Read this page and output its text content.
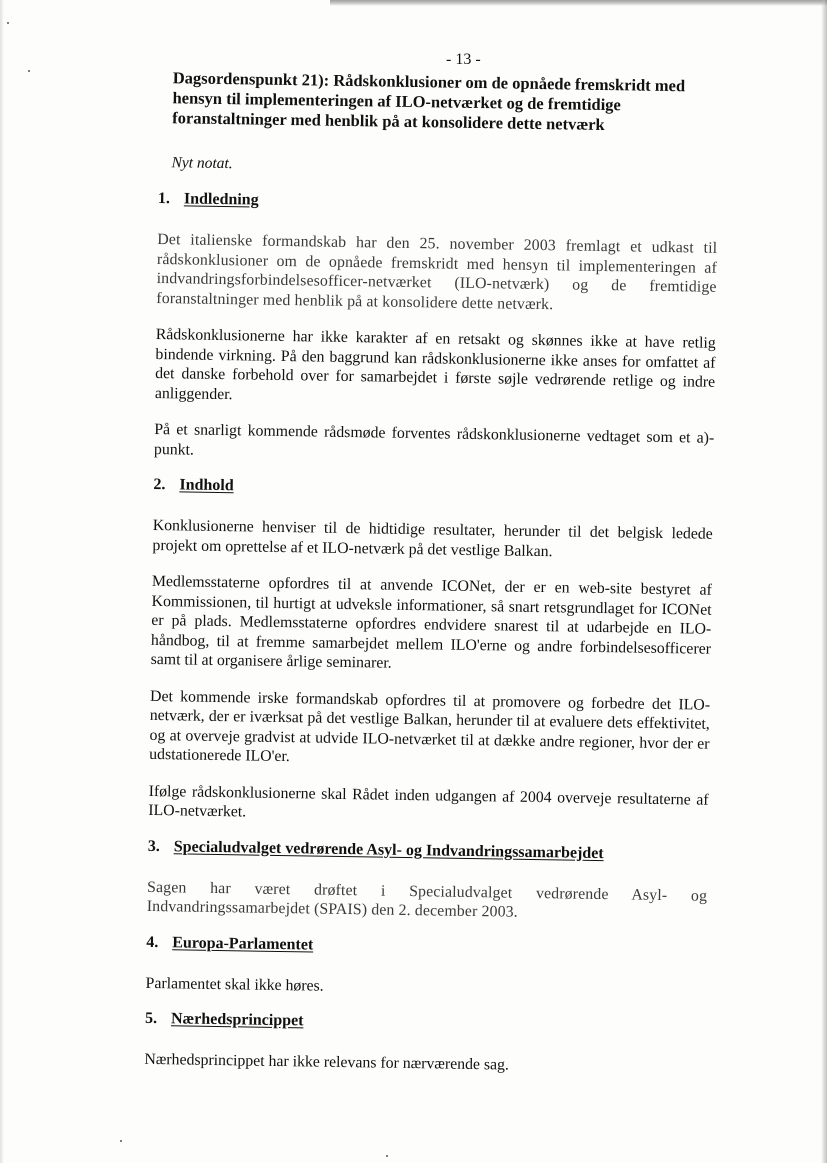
- 13 -
Dagsordenspunkt 21): Rådskonklusioner om de opnåede fremskridt med hensyn til implementeringen af ILO-netværket og de fremtidige foranstaltninger med henblik på at konsolidere dette netværk
Nyt notat.
1. Indledning

Det italienske formandskab har den 25. november 2003 fremlagt et udkast til rådskonklusioner om de opnåede fremskridt med hensyn til implementeringen af indvandringsforbindelsesofficer-netværket (ILO-netværk) og de fremtidige foranstaltninger med henblik på at konsolidere dette netværk.

Rådskonklusionerne har ikke karakter af en retsakt og skønnes ikke at have retlig bindende virkning. På den baggrund kan rådskonklusionerne ikke anses for omfattet af det danske forbehold over for samarbejdet i første søjle vedrørende retlige og indre anliggender.

På et snarligt kommende rådsmøde forventes rådskonklusionerne vedtaget som et a)-punkt.

2. Indhold

Konklusionerne henviser til de hidtidige resultater, herunder til det belgisk ledede projekt om oprettelse af et ILO-netværk på det vestlige Balkan.

Medlemsstaterne opfordres til at anvende ICONet, der er en web-site bestyret af Kommissionen, til hurtigt at udveksle informationer, så snart retsgrundlaget for ICONet er på plads. Medlemsstaterne opfordres endvidere snarest til at udarbejde en ILO-håndbog, til at fremme samarbejdet mellem ILO'erne og andre forbindelsesofficerer samt til at organisere årlige seminarer.

Det kommende irske formandskab opfordres til at promovere og forbedre det ILO-netværk, der er iværksat på det vestlige Balkan, herunder til at evaluere dets effektivitet, og at overveje gradvist at udvide ILO-netværket til at dække andre regioner, hvor der er udstationerede ILO'er.

Ifølge rådskonklusionerne skal Rådet inden udgangen af 2004 overveje resultaterne af ILO-netværket.

3. Specialudvalget vedrørende Asyl- og Indvandringssamarbejdet

Sagen har været drøftet i Specialudvalget vedrørende Asyl- og Indvandringssamarbejdet (SPAIS) den 2. december 2003.

4. Europa-Parlamentet

Parlamentet skal ikke høres.

5. Nærhedsprincippet

Nærhedsprincippet har ikke relevans for nærværende sag.
